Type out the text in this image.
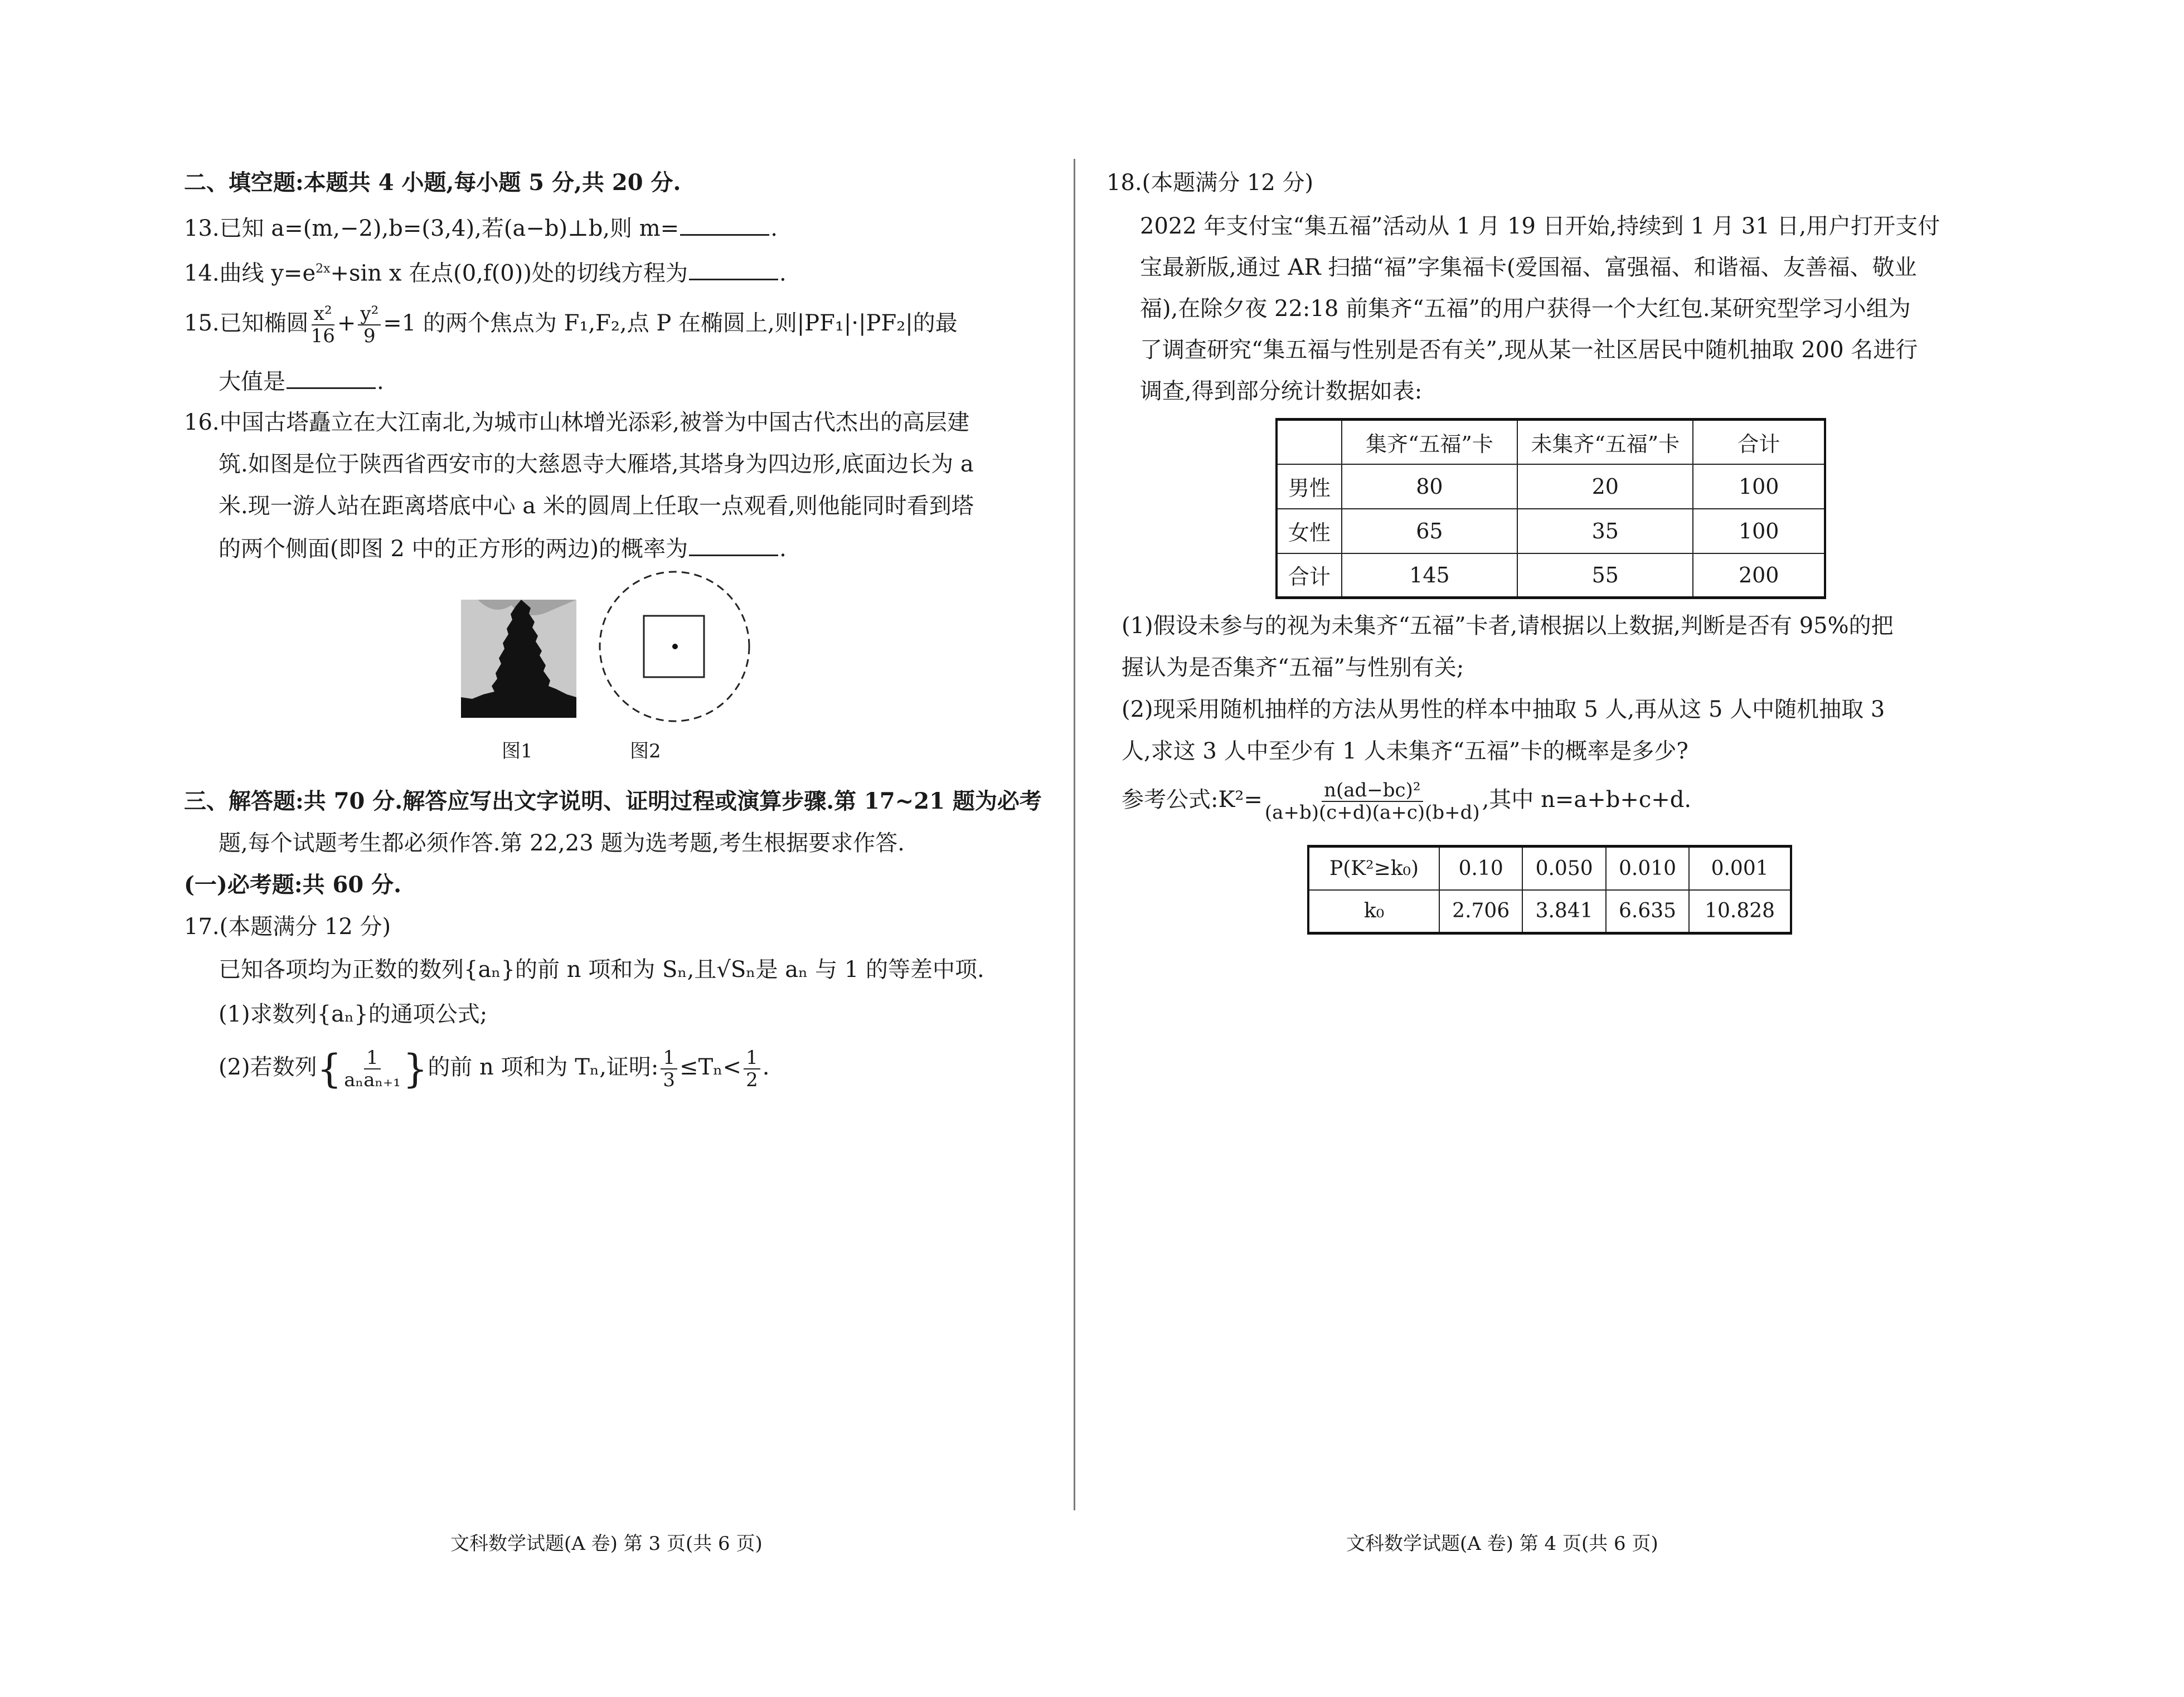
二、填空题:本题共 4 小题,每小题 5 分,共 20 分.
13.已知 a=(m,−2),b=(3,4),若(a−b)⊥b,则 m=	.
14.曲线 $y=e^{2x}+\sin$ x 在点(0,f(0))处的切线方程为	.
15.已知椭圆 $\frac{\text{x²}}{16} + \frac{\text{y²}}{9} =1$ 的两个焦点为 F₁,F₂,点 P 在椭圆上,则|PF₁|·|PF₂|的最
大值是	.
16.中国古塔矗立在大江南北,为城市山林增光添彩,被誉为中国古代杰出的高层建
筑.如图是位于陕西省西安市的大慈恩寺大雁塔,其塔身为四边形,底面边长为 a
米.现一游人站在距离塔底中心 a 米的圆周上任取一点观看,则他能同时看到塔
的两个侧面(即图 2 中的正方形的两边)的概率为	.
图1	图2
三、解答题:共 70 分.解答应写出文字说明、证明过程或演算步骤.第 17~21 题为必考
题,每个试题考生都必须作答.第 22,23 题为选考题,考生根据要求作答.
(一)必考题:共 60 分.
17.(本题满分 12 分)
已知各项均为正数的数列{aₙ}的前 n 项和为 Sₙ,且√Sₙ是 aₙ 与 1 的等差中项.
(1)求数列{aₙ}的通项公式;
(2)若数列{ $\frac{1}{\text{aₙaₙ₊₁}}$ }的前 n 项和为 Tₙ,证明: $\frac{1}{3} \le T_n< \frac{1}{2}$ .
文科数学试题(A 卷) 第 3 页(共 6 页)
18.(本题满分 12 分)
2022 年支付宝“集五福”活动从 1 月 19 日开始,持续到 1 月 31 日,用户打开支付
宝最新版,通过 AR 扫描“福”字集福卡(爱国福、富强福、和谐福、友善福、敬业
福),在除夕夜 22:18 前集齐“五福”的用户获得一个大红包.某研究型学习小组为
了调查研究“集五福与性别是否有关”,现从某一社区居民中随机抽取 200 名进行
调查,得到部分统计数据如表:
	集齐“五福”卡	未集齐“五福”卡	合计
男性	80	20	100
女性	65	35	100
合计	145	55	200
(1)假设未参与的视为未集齐“五福”卡者,请根据以上数据,判断是否有 95%的把
握认为是否集齐“五福”与性别有关;
(2)现采用随机抽样的方法从男性的样本中抽取 5 人,再从这 5 人中随机抽取 3
人,求这 3 人中至少有 1 人未集齐“五福”卡的概率是多少?
参考公式:K²= $\frac{\text{n(ad−bc)²}}{(a+b)(c+d)(a+c)(b+d)}$ ,其中 n=a+b+c+d.
P(K²≥k₀)	0.10	0.050	0.010	0.001
k₀	2.706	3.841	6.635	10.828
文科数学试题(A 卷) 第 4 页(共 6 页)
